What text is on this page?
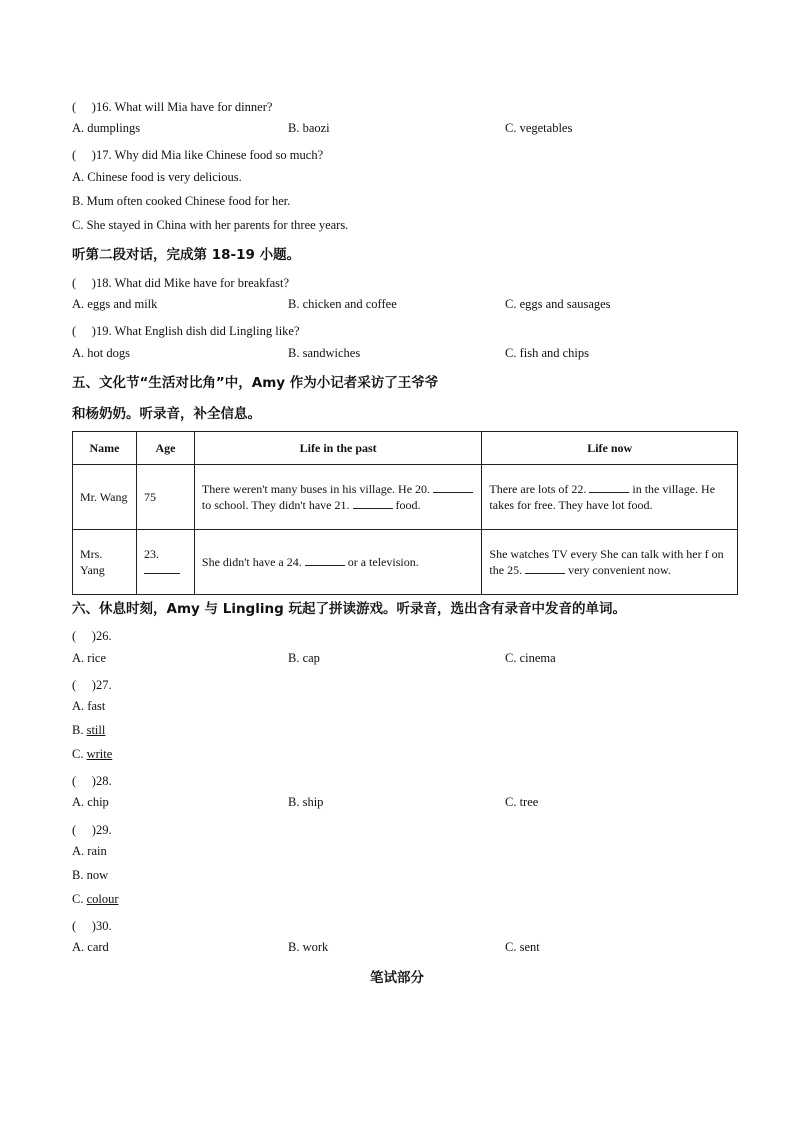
(　 )16. What will Mia have for dinner?
A. dumplings	B. baozi	C. vegetables
(　 )17. Why did Mia like Chinese food so much?
A. Chinese food is very delicious.
B. Mum often cooked Chinese food for her.
C. She stayed in China with her parents for three years.
听第二段对话，完成第 18-19 小题。
(　 )18. What did Mike have for breakfast?
A. eggs and milk	B. chicken and coffee	C. eggs and sausages
(　 )19. What English dish did Lingling like?
A. hot dogs	B. sandwiches	C. fish and chips
五、文化节“生活对比角”中，Amy 作为小记者采访了王爷爷
和杨奶奶。听录音，补全信息。
Name	Age	Life in the past	Life now
Mr. Wang	75	There weren't many buses in his village. He 20.  to school. They didn't have 21. food.	There are lots of 22. in the village. He takes for free. They have lot food.
Mrs. Yang	23.	She didn't have a 24. or a television.	She watches TV every She can talk with her f on the 25. very convenient now.
六、休息时刻，Amy 与 Lingling 玩起了拼读游戏。听录音，选出含有录音中发音的单词。
(　 )26.
A. rice	B. cap	C. cinema
(　 )27.
A. fast
B. still
C. write
(　 )28.
A. chip	B. ship	C. tree
(　 )29.
A. rain
B. now
C. colour
(　 )30.
A. card	B. work	C. sent
笔试部分
